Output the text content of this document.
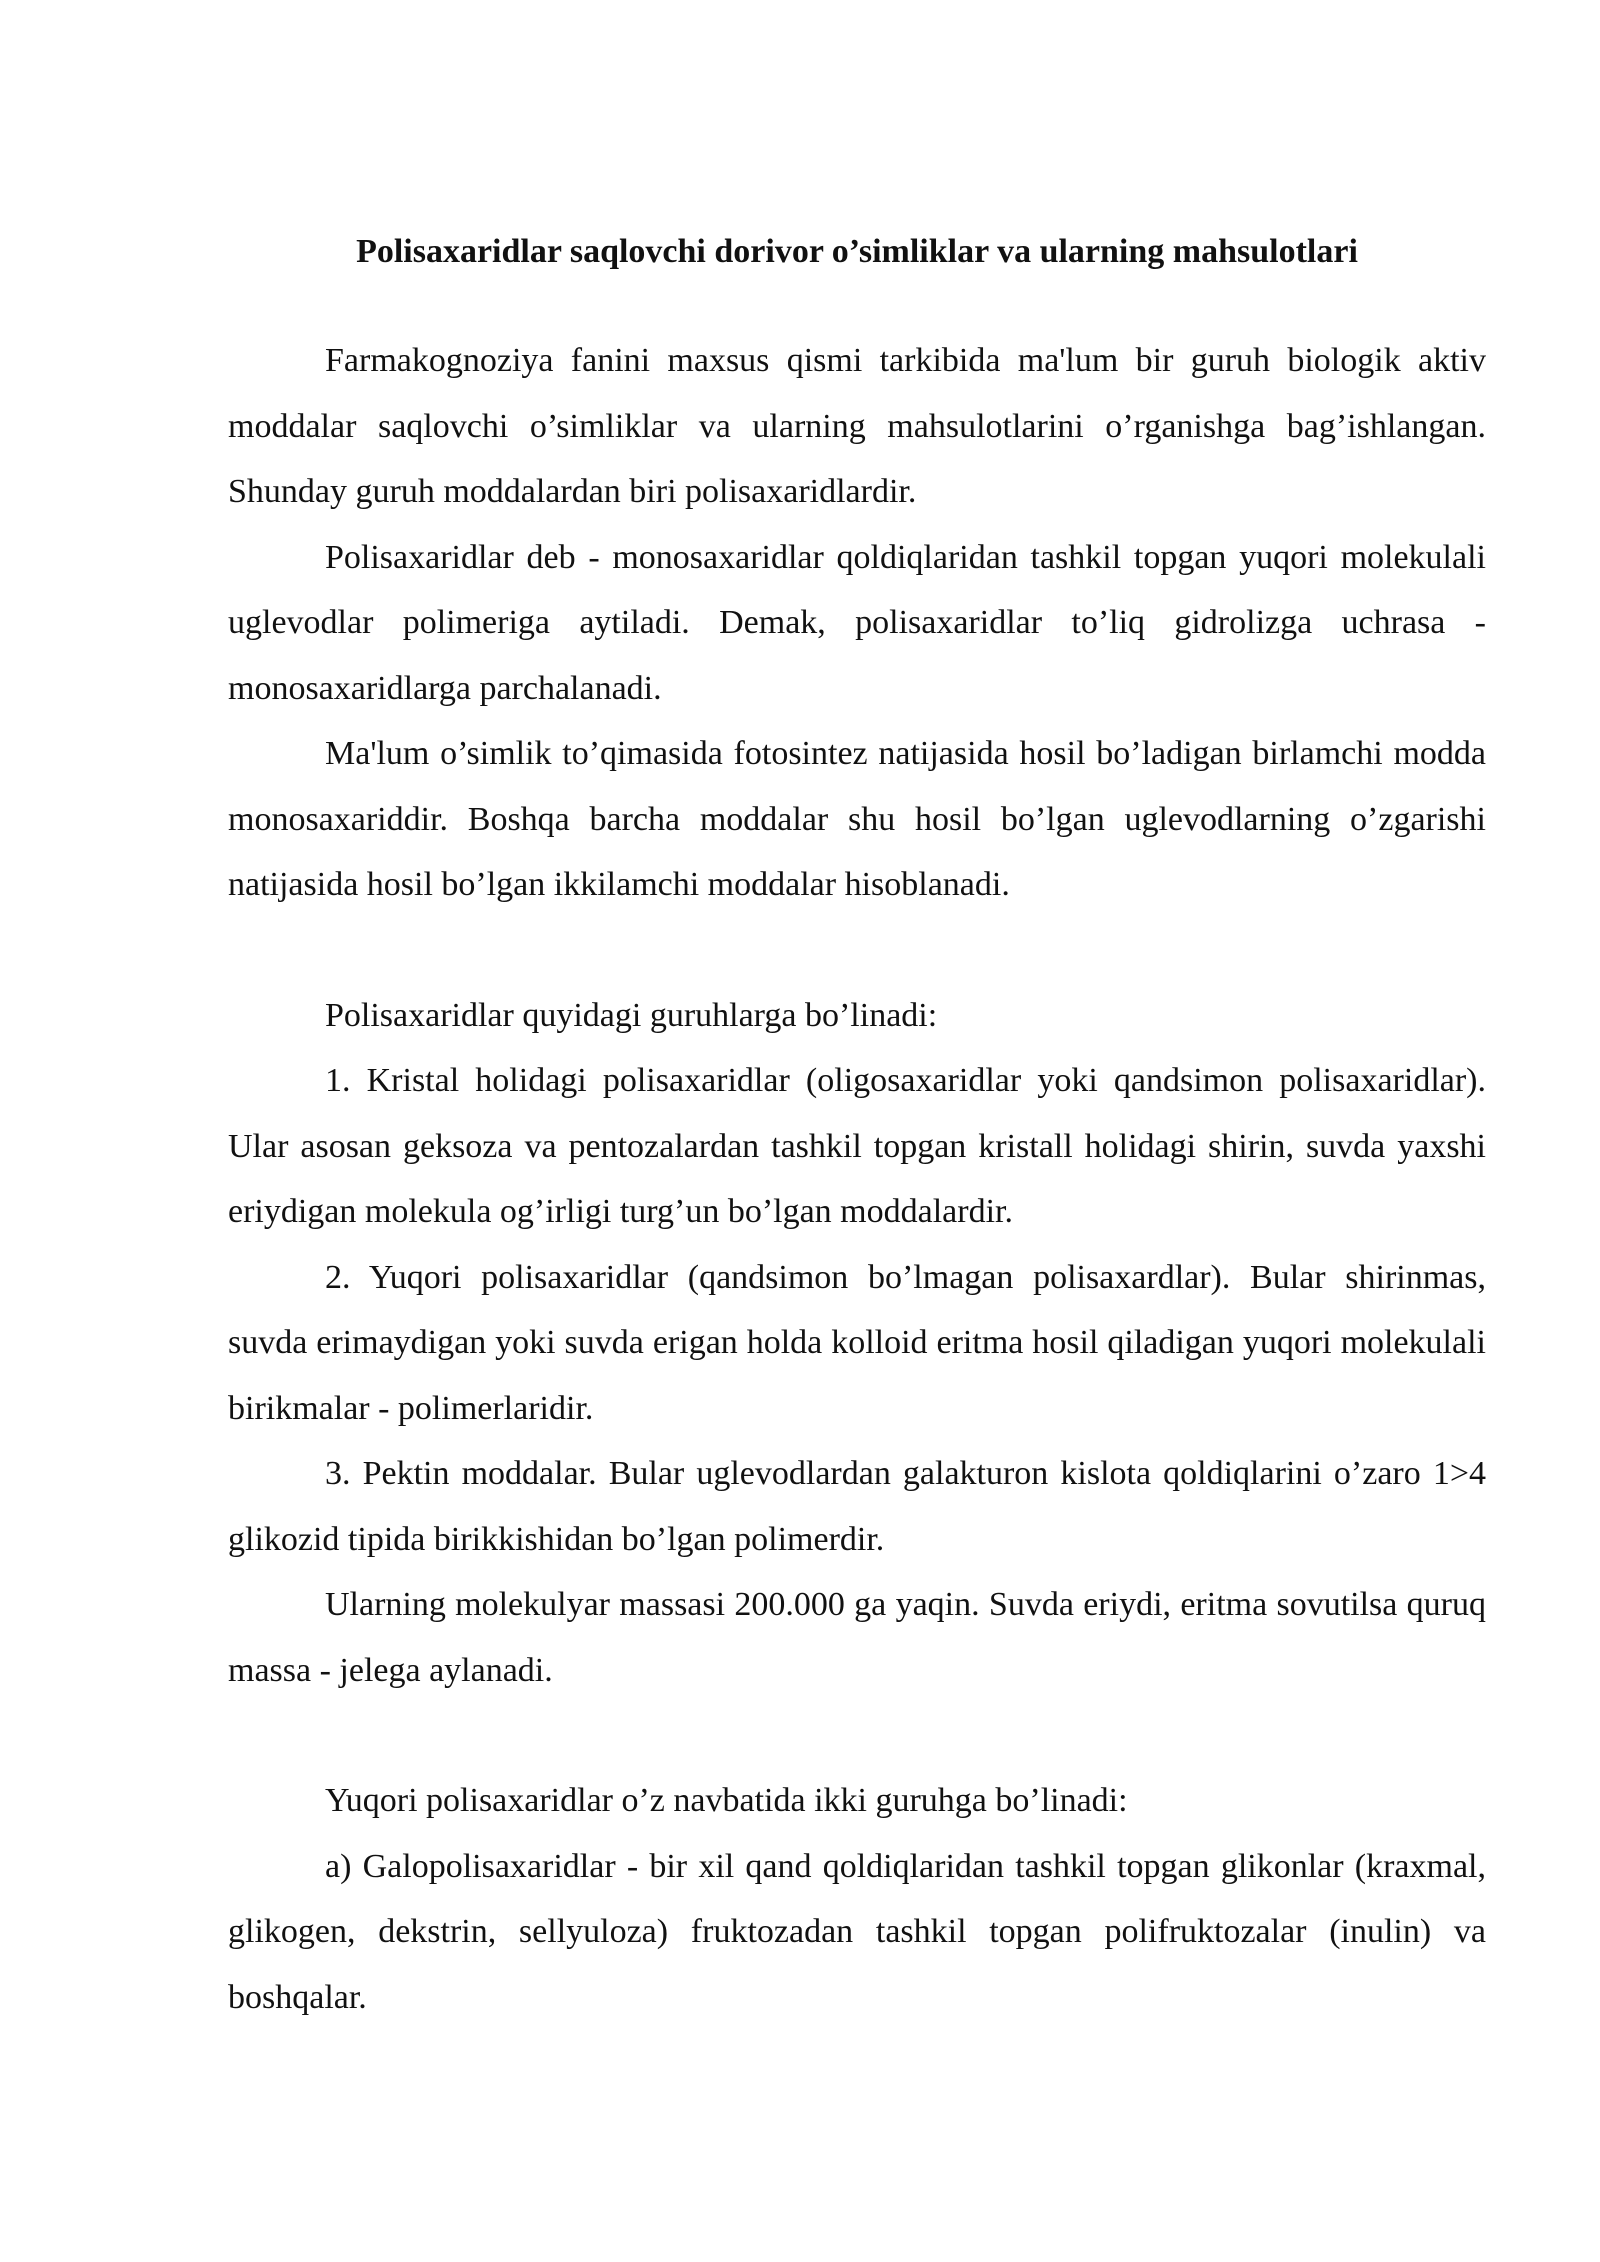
Polisaxaridlar saqlovchi dorivor o’simliklar va ularning mahsulotlari

Farmakognoziya fanini maxsus qismi tarkibida ma'lum bir guruh biologik aktiv moddalar saqlovchi o’simliklar va ularning mahsulotlarini o’rganishga bag’ishlangan. Shunday guruh moddalardan biri polisaxaridlardir.

Polisaxaridlar deb - monosaxaridlar qoldiqlaridan tashkil topgan yuqori molekulali uglevodlar polimeriga aytiladi. Demak, polisaxaridlar to’liq gidrolizga uchrasa - monosaxaridlarga parchalanadi.

Ma'lum o’simlik to’qimasida fotosintez natijasida hosil bo’ladigan birlamchi modda monosaxariddir. Boshqa barcha moddalar shu hosil bo’lgan uglevodlarning o’zgarishi natijasida hosil bo’lgan ikkilamchi moddalar hisoblanadi.

Polisaxaridlar quyidagi guruhlarga bo’linadi:

1. Kristal holidagi polisaxaridlar (oligosaxaridlar yoki qandsimon polisaxaridlar). Ular asosan geksoza va pentozalardan tashkil topgan kristall holidagi shirin, suvda yaxshi eriydigan molekula og’irligi turg’un bo’lgan moddalardir.

2. Yuqori polisaxaridlar (qandsimon bo’lmagan polisaxardlar). Bular shirinmas, suvda erimaydigan yoki suvda erigan holda kolloid eritma hosil qiladigan yuqori molekulali birikmalar - polimerlaridir.

3. Pektin moddalar. Bular uglevodlardan galakturon kislota qoldiqlarini o’zaro 1>4 glikozid tipida birikkishidan bo’lgan polimerdir.

Ularning molekulyar massasi 200.000 ga yaqin. Suvda eriydi, eritma sovutilsa quruq massa - jelega aylanadi.

Yuqori polisaxaridlar o’z navbatida ikki guruhga bo’linadi:

a) Galopolisaxaridlar - bir xil qand qoldiqlaridan tashkil topgan glikonlar (kraxmal, glikogen, dekstrin, sellyuloza) fruktozadan tashkil topgan polifruktozalar (inulin) va boshqalar.
